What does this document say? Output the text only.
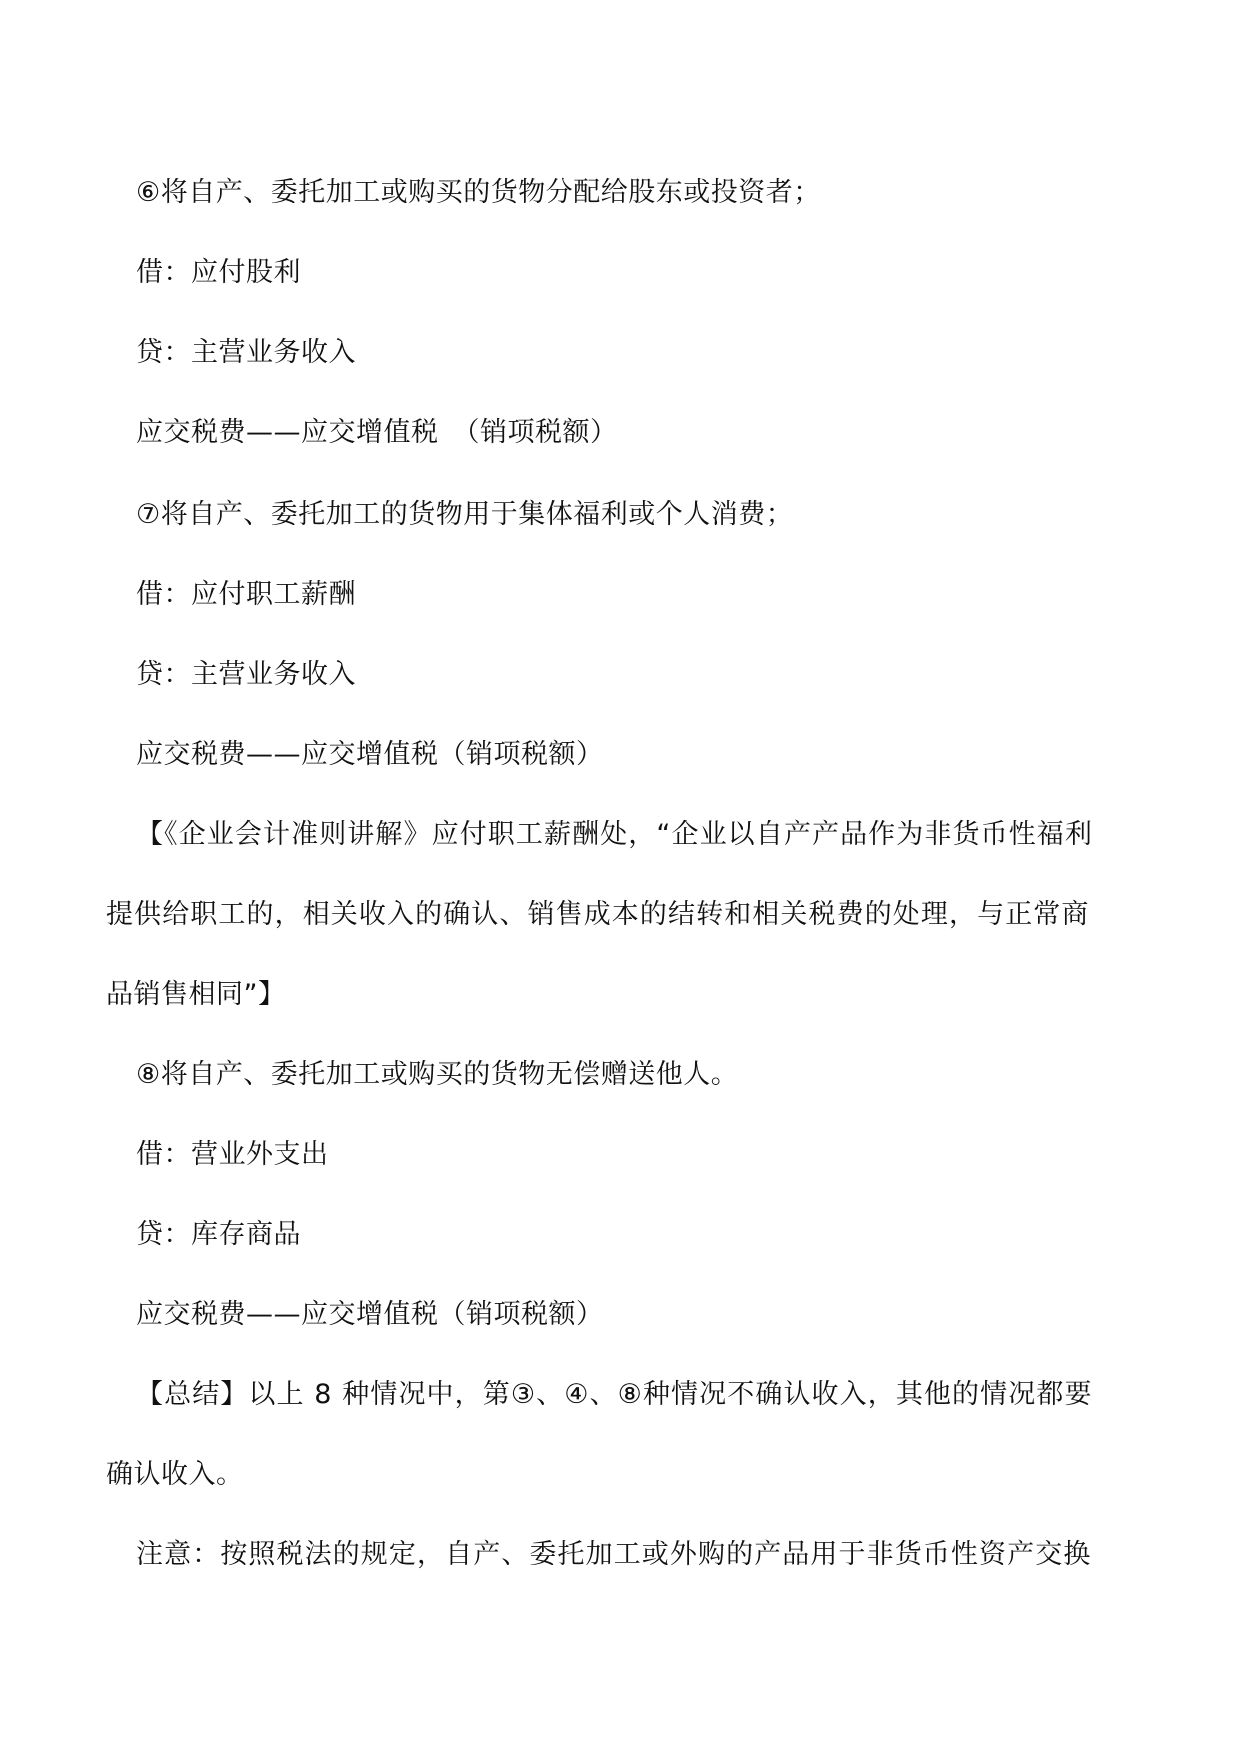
⑥将自产、委托加工或购买的货物分配给股东或投资者；

借：应付股利

贷：主营业务收入

应交税费——应交增值税　（销项税额）

⑦将自产、委托加工的货物用于集体福利或个人消费；

借：应付职工薪酬

贷：主营业务收入

应交税费——应交增值税（销项税额）

【《企业会计准则讲解》应付职工薪酬处，“企业以自产产品作为非货币性福利

提供给职工的，相关收入的确认、销售成本的结转和相关税费的处理，与正常商

品销售相同”】

⑧将自产、委托加工或购买的货物无偿赠送他人。

借：营业外支出

贷：库存商品

应交税费——应交增值税（销项税额）

【总结】以上 8 种情况中，第③、④、⑧种情况不确认收入，其他的情况都要

确认收入。

注意：按照税法的规定，自产、委托加工或外购的产品用于非货币性资产交换
